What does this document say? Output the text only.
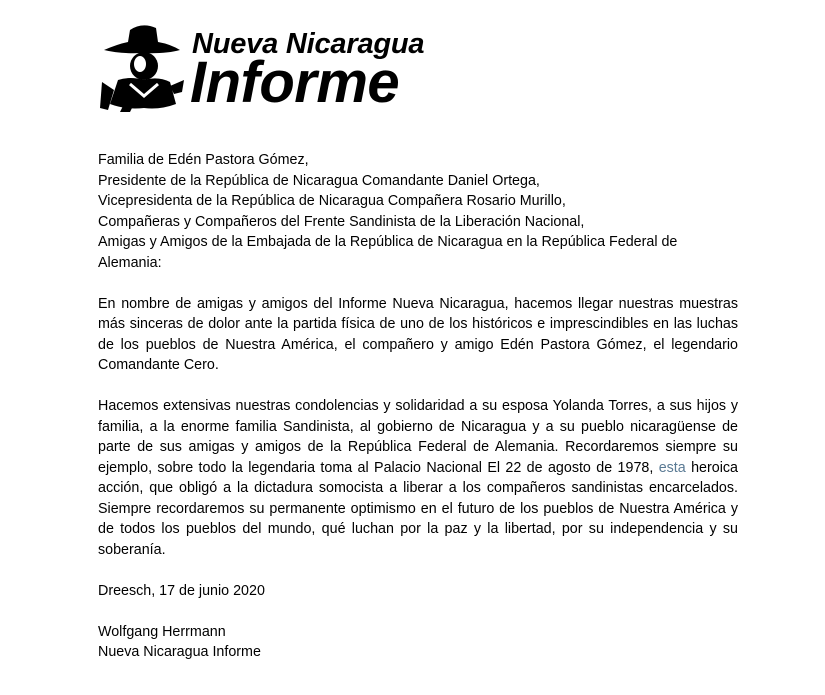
Nueva Nicaragua
Informe

Familia de Edén Pastora Gómez,
Presidente de la República de Nicaragua Comandante Daniel Ortega,
Vicepresidenta de la República de Nicaragua Compañera Rosario Murillo,
Compañeras y Compañeros del Frente Sandinista de la Liberación Nacional,
Amigas y Amigos de la Embajada de la República de Nicaragua en la República Federal de Alemania:

En nombre de amigas y amigos del Informe Nueva Nicaragua, hacemos llegar nuestras muestras más sinceras de dolor ante la partida física de uno de los históricos e imprescindibles en las luchas de los pueblos de Nuestra América, el compañero y amigo Edén Pastora Gómez, el legendario Comandante Cero.

Hacemos extensivas nuestras condolencias y solidaridad a su esposa Yolanda Torres, a sus hijos y familia, a la enorme familia Sandinista, al gobierno de Nicaragua y a su pueblo nicaragüense de parte de sus amigas y amigos de la República Federal de Alemania. Recordaremos siempre su ejemplo, sobre todo la legendaria toma al Palacio Nacional El 22 de agosto de 1978, esta heroica acción, que obligó a la dictadura somocista a liberar a los compañeros sandinistas encarcelados. Siempre recordaremos su permanente optimismo en el futuro de los pueblos de Nuestra América y de todos los pueblos del mundo, qué luchan por la paz y la libertad, por su independencia y su soberanía.

Dreesch, 17 de junio 2020

Wolfgang Herrmann

Nueva Nicaragua Informe
